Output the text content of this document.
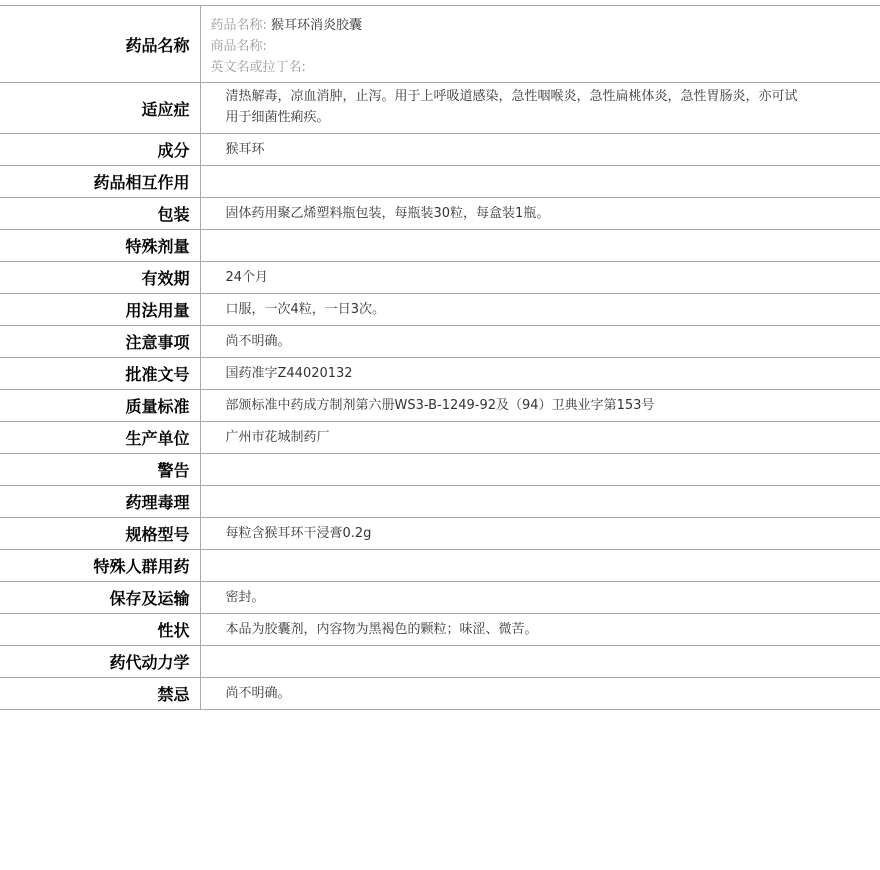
药品名称	药品名称: 猴耳环消炎胶囊
商品名称:
英文名或拉丁名:

适应症	清热解毒，凉血消肿，止泻。用于上呼吸道感染，急性咽喉炎，急性扁桃体炎，急性胃肠炎，亦可试用于细菌性痢疾。
成分	猴耳环
药品相互作用	
包装	固体药用聚乙烯塑料瓶包装，每瓶装30粒，每盒装1瓶。
特殊剂量	
有效期	24个月
用法用量	口服，一次4粒，一日3次。
注意事项	尚不明确。
批准文号	国药准字Z44020132
质量标准	部颁标准中药成方制剂第六册WS3-B-1249-92及（94）卫典业字第153号
生产单位	广州市花城制药厂
警告	
药理毒理	
规格型号	每粒含猴耳环干浸膏0.2g
特殊人群用药	
保存及运输	密封。
性状	本品为胶囊剂，内容物为黑褐色的颗粒；味涩、微苦。
药代动力学	
禁忌	尚不明确。
